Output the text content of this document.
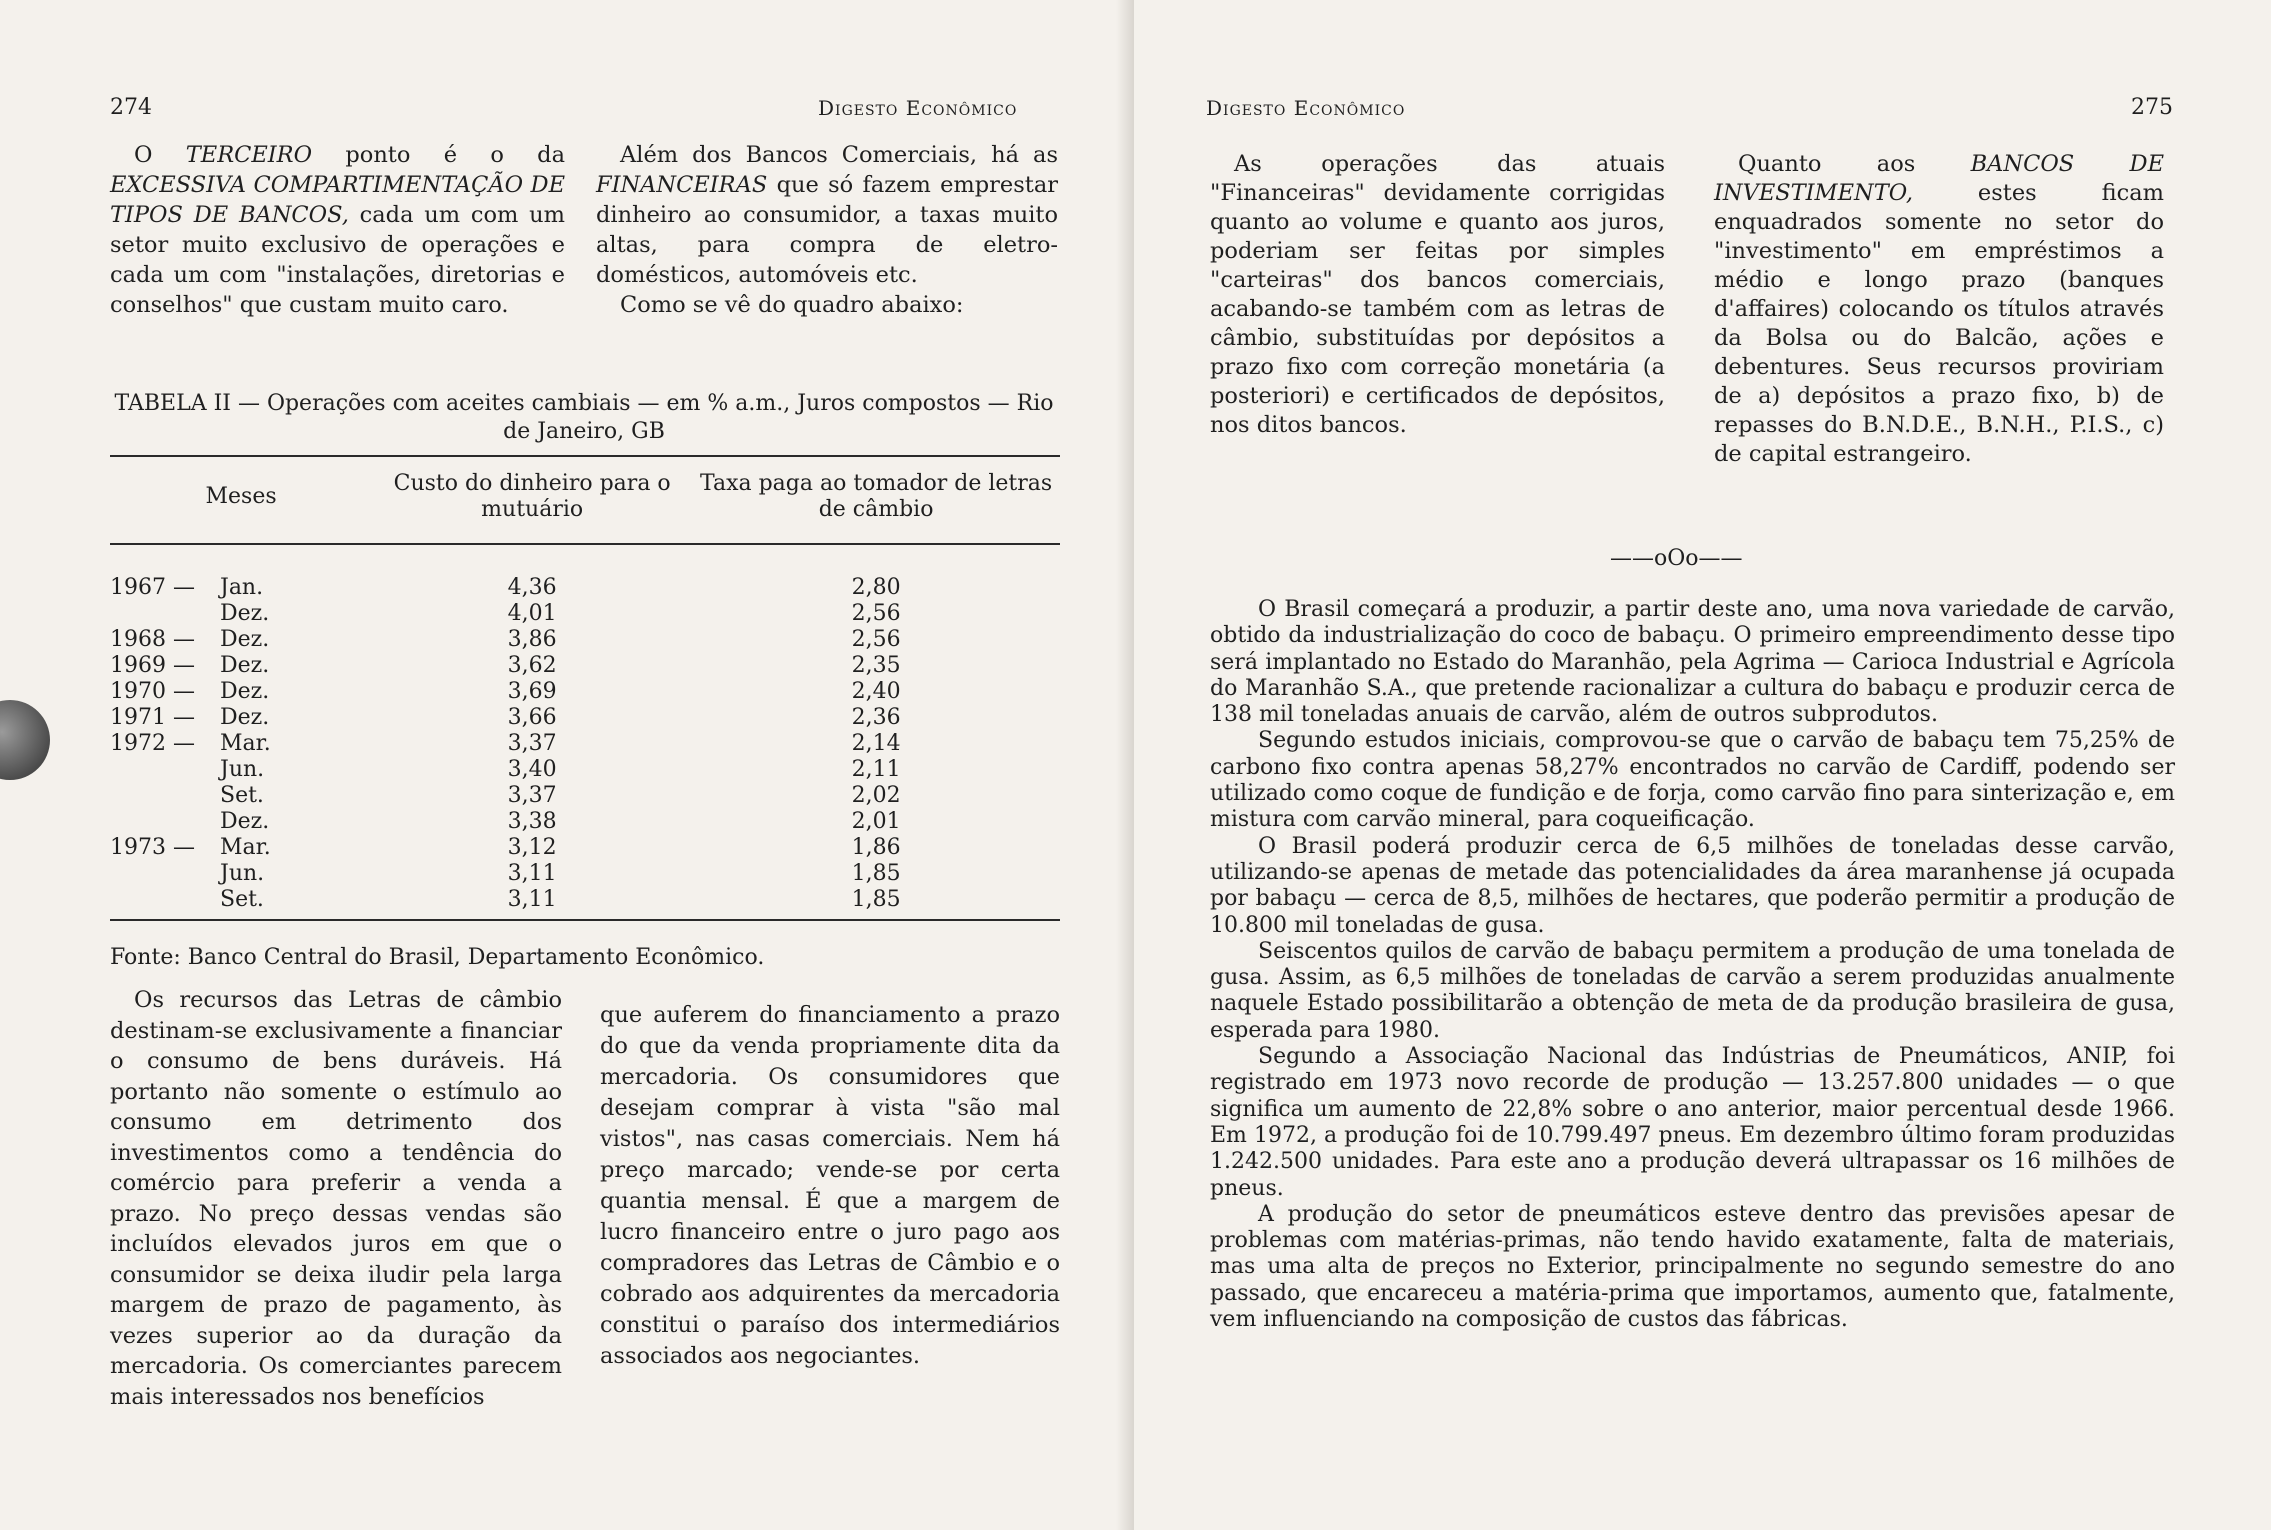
274	Digesto Econômico

O TERCEIRO ponto é o da EXCESSIVA COMPARTIMENTAÇÃO DE TIPOS DE BANCOS, cada um com um setor muito exclusivo de operações e cada um com "instalações, diretorias e conselhos" que custam muito caro.

Além dos Bancos Comerciais, há as FINANCEIRAS que só fazem emprestar dinheiro ao consumidor, a taxas muito altas, para compra de eletro-domésticos, automóveis etc.

Como se vê do quadro abaixo:

TABELA II — Operações com aceites cambiais — em % a.m., Juros compostos — Rio de Janeiro, GB
Meses	Custo do dinheiro para o mutuário	Taxa paga ao tomador de letras de câmbio
1967 — Jan.	4,36	2,80
Dez.	4,01	2,56
1968 — Dez.	3,86	2,56
1969 — Dez.	3,62	2,35
1970 — Dez.	3,69	2,40
1971 — Dez.	3,66	2,36
1972 — Mar.	3,37	2,14
Jun.	3,40	2,11
Set.	3,37	2,02
Dez.	3,38	2,01
1973 — Mar.	3,12	1,86
Jun.	3,11	1,85
Set.	3,11	1,85
Fonte: Banco Central do Brasil, Departamento Econômico.

Os recursos das Letras de câmbio destinam-se exclusivamente a financiar o consumo de bens duráveis. Há portanto não somente o estímulo ao consumo em detrimento dos investimentos como a tendência do comércio para preferir a venda a prazo. No preço dessas vendas são incluídos elevados juros em que o consumidor se deixa iludir pela larga margem de prazo de pagamento, às vezes superior ao da duração da mercadoria. Os comerciantes parecem mais interessados nos benefícios

que auferem do financiamento a prazo do que da venda propriamente dita da mercadoria. Os consumidores que desejam comprar à vista "são mal vistos", nas casas comerciais. Nem há preço marcado; vende-se por certa quantia mensal. É que a margem de lucro financeiro entre o juro pago aos compradores das Letras de Câmbio e o cobrado aos adquirentes da mercadoria constitui o paraíso dos intermediários associados aos negociantes.

Digesto Econômico	275

As operações das atuais "Financeiras" devidamente corrigidas quanto ao volume e quanto aos juros, poderiam ser feitas por simples "carteiras" dos bancos comerciais, acabando-se também com as letras de câmbio, substituídas por depósitos a prazo fixo com correção monetária (a posteriori) e certificados de depósitos, nos ditos bancos.

Quanto aos BANCOS DE INVESTIMENTO, estes ficam enquadrados somente no setor do "investimento" em empréstimos a médio e longo prazo (banques d'affaires) colocando os títulos através da Bolsa ou do Balcão, ações e debentures. Seus recursos proviriam de a) depósitos a prazo fixo, b) de repasses do B.N.D.E., B.N.H., P.I.S., c) de capital estrangeiro.

——oOo——

O Brasil começará a produzir, a partir deste ano, uma nova variedade de carvão, obtido da industrialização do coco de babaçu. O primeiro empreendimento desse tipo será implantado no Estado do Maranhão, pela Agrima — Carioca Industrial e Agrícola do Maranhão S.A., que pretende racionalizar a cultura do babaçu e produzir cerca de 138 mil toneladas anuais de carvão, além de outros subprodutos.

Segundo estudos iniciais, comprovou-se que o carvão de babaçu tem 75,25% de carbono fixo contra apenas 58,27% encontrados no carvão de Cardiff, podendo ser utilizado como coque de fundição e de forja, como carvão fino para sinterização e, em mistura com carvão mineral, para coqueificação.

O Brasil poderá produzir cerca de 6,5 milhões de toneladas desse carvão, utilizando-se apenas de metade das potencialidades da área maranhense já ocupada por babaçu — cerca de 8,5, milhões de hectares, que poderão permitir a produção de 10.800 mil toneladas de gusa.

Seiscentos quilos de carvão de babaçu permitem a produção de uma tonelada de gusa. Assim, as 6,5 milhões de toneladas de carvão a serem produzidas anualmente naquele Estado possibilitarão a obtenção de meta de da produção brasileira de gusa, esperada para 1980.

Segundo a Associação Nacional das Indústrias de Pneumáticos, ANIP, foi registrado em 1973 novo recorde de produção — 13.257.800 unidades — o que significa um aumento de 22,8% sobre o ano anterior, maior percentual desde 1966. Em 1972, a produção foi de 10.799.497 pneus. Em dezembro último foram produzidas 1.242.500 unidades. Para este ano a produção deverá ultrapassar os 16 milhões de pneus.

A produção do setor de pneumáticos esteve dentro das previsões apesar de problemas com matérias-primas, não tendo havido exatamente, falta de materiais, mas uma alta de preços no Exterior, principalmente no segundo semestre do ano passado, que encareceu a matéria-prima que importamos, aumento que, fatalmente, vem influenciando na composição de custos das fábricas.
